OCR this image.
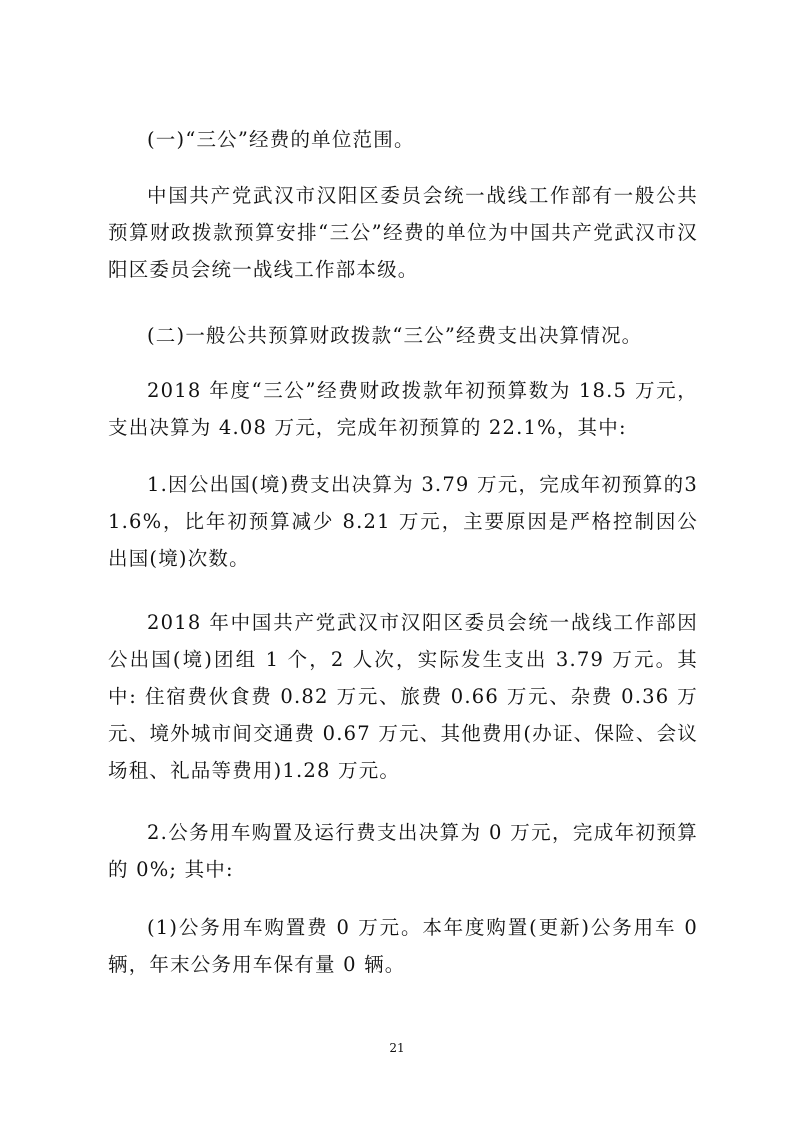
(一)“三公”经费的单位范围。

中国共产党武汉市汉阳区委员会统一战线工作部有一般公共预算财政拨款预算安排“三公”经费的单位为中国共产党武汉市汉阳区委员会统一战线工作部本级。

(二)一般公共预算财政拨款“三公”经费支出决算情况。

2018 年度“三公”经费财政拨款年初预算数为 18.5 万元，支出决算为 4.08 万元，完成年初预算的 22.1%，其中:

1.因公出国(境)费支出决算为 3.79 万元，完成年初预算的31.6%，比年初预算减少 8.21 万元，主要原因是严格控制因公出国(境)次数。

2018 年中国共产党武汉市汉阳区委员会统一战线工作部因公出国(境)团组 1 个，2 人次，实际发生支出 3.79 万元。其中: 住宿费伙食费 0.82 万元、旅费 0.66 万元、杂费 0.36 万元、境外城市间交通费 0.67 万元、其他费用(办证、保险、会议场租、礼品等费用)1.28 万元。

2.公务用车购置及运行费支出决算为 0 万元，完成年初预算的 0%; 其中:

(1)公务用车购置费 0 万元。本年度购置(更新)公务用车 0 辆，年末公务用车保有量 0 辆。

21
